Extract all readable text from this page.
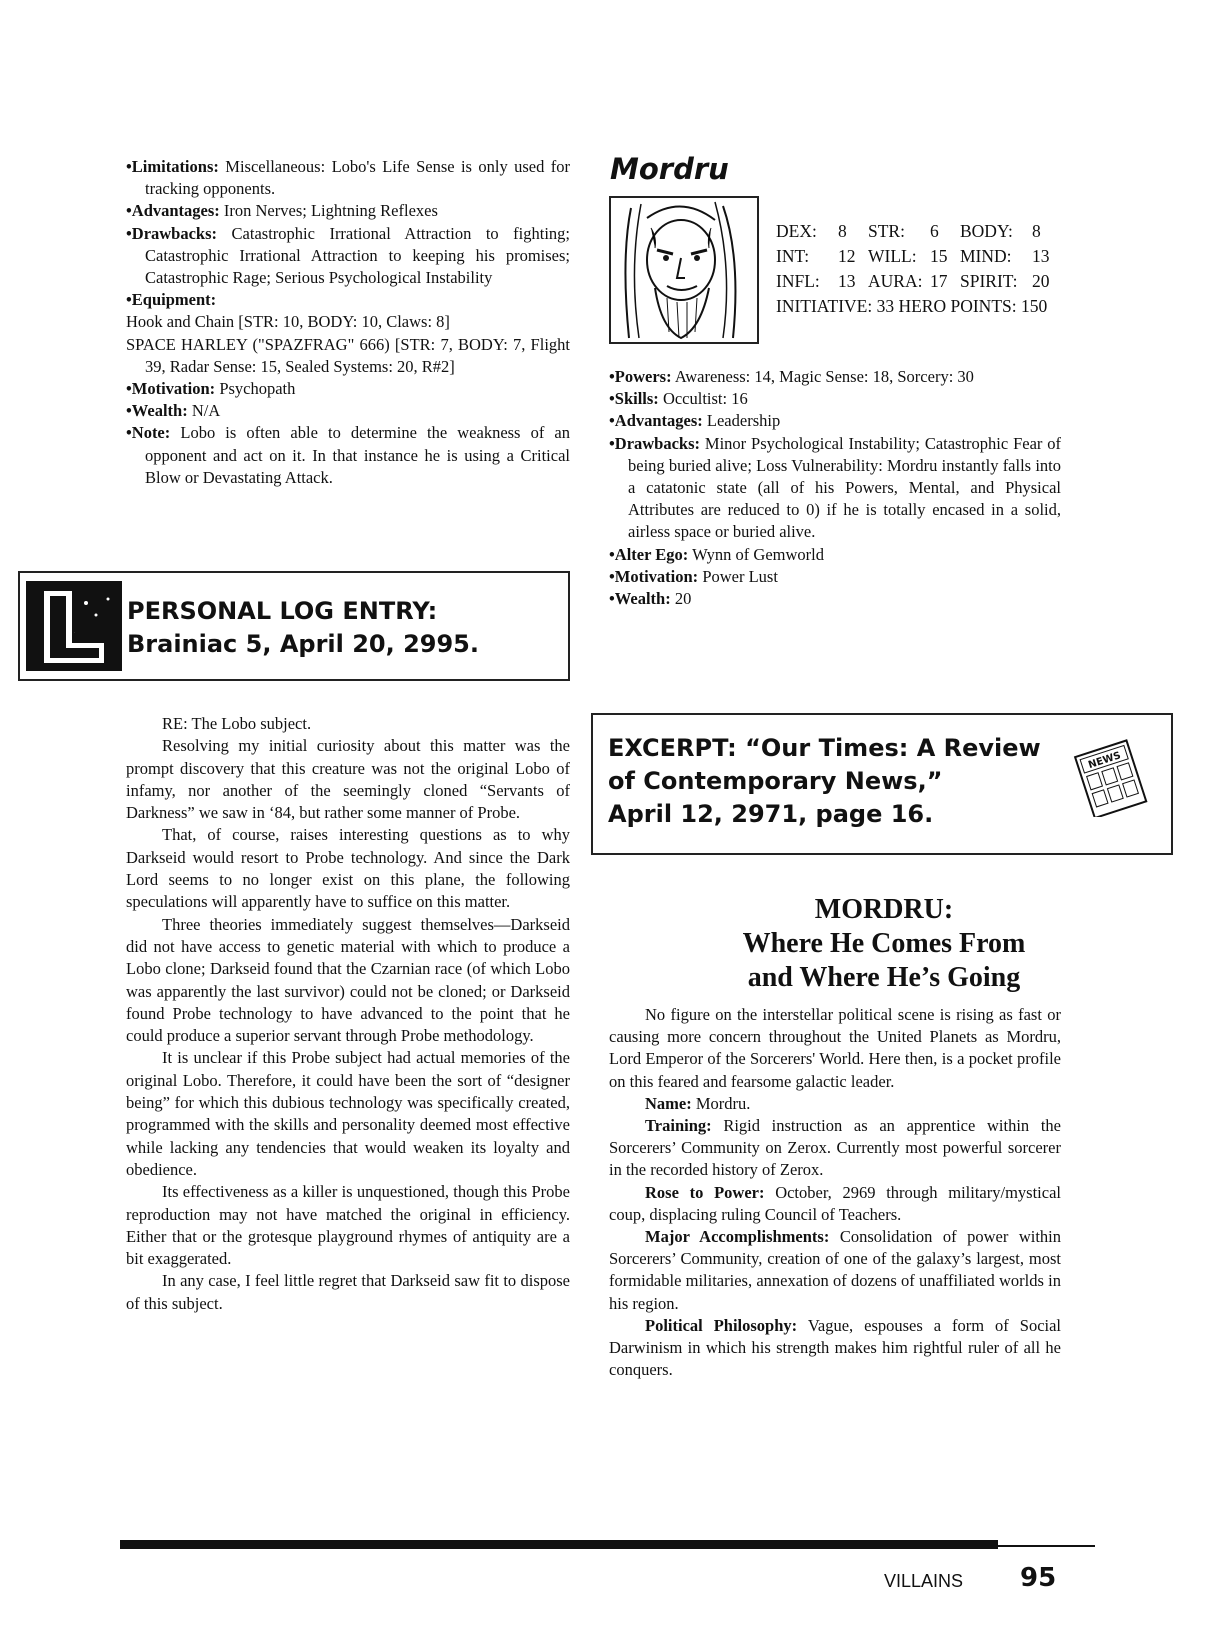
•Limitations: Miscellaneous: Lobo's Life Sense is only used for tracking opponents.

•Advantages: Iron Nerves; Lightning Reflexes

•Drawbacks: Catastrophic Irrational Attraction to fighting; Catastrophic Irrational Attraction to keeping his promises; Catastrophic Rage; Serious Psychological Instability

•Equipment:

Hook and Chain [STR: 10, BODY: 10, Claws: 8]

SPACE HARLEY ("SPAZFRAG" 666) [STR: 7, BODY: 7, Flight 39, Radar Sense: 15, Sealed Systems: 20, R#2]

•Motivation: Psychopath

•Wealth: N/A

•Note: Lobo is often able to determine the weakness of an opponent and act on it. In that instance he is using a Critical Blow or Devastating Attack.

L
PERSONAL LOG ENTRY:
Brainiac 5, April 20, 2995.

RE: The Lobo subject.

Resolving my initial curiosity about this matter was the prompt discovery that this creature was not the original Lobo of infamy, nor another of the seemingly cloned “Servants of Darkness” we saw in ‘84, but rather some manner of Probe.

That, of course, raises interesting questions as to why Darkseid would resort to Probe technology. And since the Dark Lord seems to no longer exist on this plane, the following speculations will apparently have to suffice on this matter.

Three theories immediately suggest themselves—Darkseid did not have access to genetic material with which to produce a Lobo clone; Darkseid found that the Czarnian race (of which Lobo was apparently the last survivor) could not be cloned; or Darkseid found Probe technology to have advanced to the point that he could produce a superior servant through Probe methodology.

It is unclear if this Probe subject had actual memories of the original Lobo. Therefore, it could have been the sort of “designer being” for which this dubious technology was specifically created, programmed with the skills and personality deemed most effective while lacking any tendencies that would weaken its loyalty and obedience.

Its effectiveness as a killer is unquestioned, though this Probe reproduction may not have matched the original in efficiency. Either that or the grotesque playground rhymes of antiquity are a bit exaggerated.

In any case, I feel little regret that Darkseid saw fit to dispose of this subject.

Mordru
DEX:	8	STR:	6	BODY:	8
INT:	12	WILL:	15	MIND:	13
INFL:	13	AURA:	17	SPIRIT:	20
INITIATIVE: 33 HERO POINTS: 150					

•Powers: Awareness: 14, Magic Sense: 18, Sorcery: 30

•Skills: Occultist: 16

•Advantages: Leadership

•Drawbacks: Minor Psychological Instability; Catastrophic Fear of being buried alive; Loss Vulnerability: Mordru instantly falls into a catatonic state (all of his Powers, Mental, and Physical Attributes are reduced to 0) if he is totally encased in a solid, airless space or buried alive.

•Alter Ego: Wynn of Gemworld

•Motivation: Power Lust

•Wealth: 20

EXCERPT: “Our Times: A Review
of Contemporary News,”
April 12, 2971, page 16.
NEWS
MORDRU:
Where He Comes From
and Where He’s Going

No figure on the interstellar political scene is rising as fast or causing more concern throughout the United Planets as Mordru, Lord Emperor of the Sorcerers' World. Here then, is a pocket profile on this feared and fearsome galactic leader.

Name: Mordru.

Training: Rigid instruction as an apprentice within the Sorcerers’ Community on Zerox. Currently most powerful sorcerer in the recorded history of Zerox.

Rose to Power: October, 2969 through military/mystical coup, displacing ruling Council of Teachers.

Major Accomplishments: Consolidation of power within Sorcerers’ Community, creation of one of the galaxy’s largest, most formidable militaries, annexation of dozens of unaffiliated worlds in his region.

Political Philosophy: Vague, espouses a form of Social Darwinism in which his strength makes him rightful ruler of all he conquers.

VILLAINS 95
